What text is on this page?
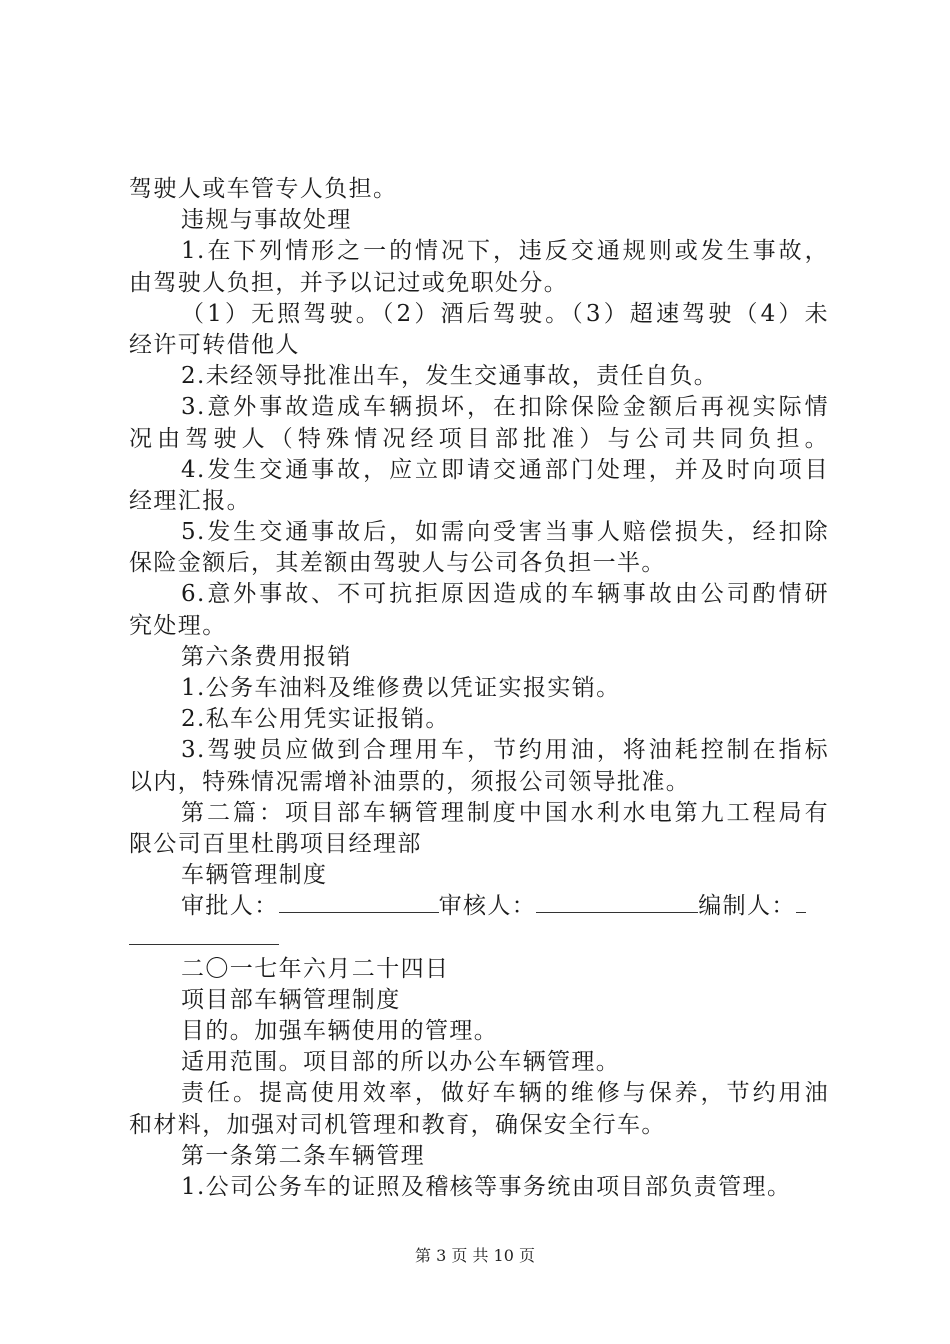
驾驶人或车管专人负担。
违规与事故处理
1.在下列情形之一的情况下，违反交通规则或发生事故，
由驾驶人负担，并予以记过或免职处分。
（1）无照驾驶。（2）酒后驾驶。（3）超速驾驶（4）未
经许可转借他人
2.未经领导批准出车，发生交通事故，责任自负。
3.意外事故造成车辆损坏，在扣除保险金额后再视实际情
况由驾驶人（特殊情况经项目部批准）与公司共同负担。
4.发生交通事故，应立即请交通部门处理，并及时向项目
经理汇报。
5.发生交通事故后，如需向受害当事人赔偿损失，经扣除
保险金额后，其差额由驾驶人与公司各负担一半。
6.意外事故、不可抗拒原因造成的车辆事故由公司酌情研
究处理。
第六条费用报销
1.公务车油料及维修费以凭证实报实销。
2.私车公用凭实证报销。
3.驾驶员应做到合理用车，节约用油，将油耗控制在指标
以内，特殊情况需增补油票的，须报公司领导批准。
第二篇：项目部车辆管理制度中国水利水电第九工程局有
限公司百里杜鹃项目经理部
车辆管理制度
审批人：	审核人：	编制人：
二〇一七年六月二十四日
项目部车辆管理制度
目的。加强车辆使用的管理。
适用范围。项目部的所以办公车辆管理。
责任。提高使用效率，做好车辆的维修与保养，节约用油
和材料，加强对司机管理和教育，确保安全行车。
第一条第二条车辆管理
1.公司公务车的证照及稽核等事务统由项目部负责管理。
第 3 页 共 10 页
